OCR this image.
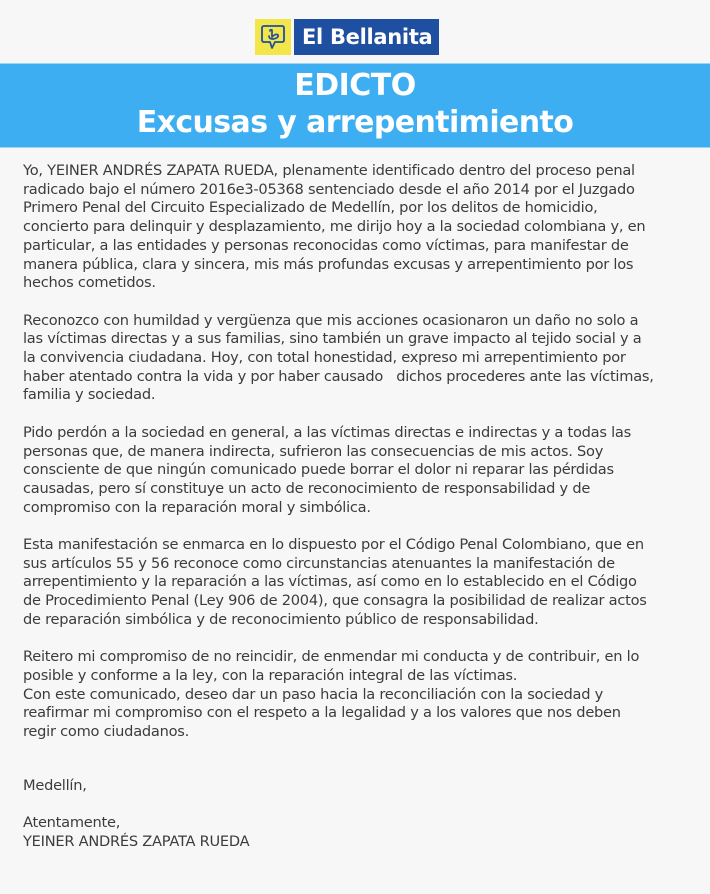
El Bellanita
EDICTO
Excusas y arrepentimiento
Yo, YEINER ANDRÉS ZAPATA RUEDA, plenamente identificado dentro del proceso penal
radicado bajo el número 2016e3-05368 sentenciado desde el año 2014 por el Juzgado
Primero Penal del Circuito Especializado de Medellín, por los delitos de homicidio,
concierto para delinquir y desplazamiento, me dirijo hoy a la sociedad colombiana y, en
particular, a las entidades y personas reconocidas como víctimas, para manifestar de
manera pública, clara y sincera, mis más profundas excusas y arrepentimiento por los
hechos cometidos.
Reconozco con humildad y vergüenza que mis acciones ocasionaron un daño no solo a
las víctimas directas y a sus familias, sino también un grave impacto al tejido social y a
la convivencia ciudadana. Hoy, con total honestidad, expreso mi arrepentimiento por
haber atentado contra la vida y por haber causado   dichos procederes ante las víctimas,
familia y sociedad.
Pido perdón a la sociedad en general, a las víctimas directas e indirectas y a todas las
personas que, de manera indirecta, sufrieron las consecuencias de mis actos. Soy
consciente de que ningún comunicado puede borrar el dolor ni reparar las pérdidas
causadas, pero sí constituye un acto de reconocimiento de responsabilidad y de
compromiso con la reparación moral y simbólica.
Esta manifestación se enmarca en lo dispuesto por el Código Penal Colombiano, que en
sus artículos 55 y 56 reconoce como circunstancias atenuantes la manifestación de
arrepentimiento y la reparación a las víctimas, así como en lo establecido en el Código
de Procedimiento Penal (Ley 906 de 2004), que consagra la posibilidad de realizar actos
de reparación simbólica y de reconocimiento público de responsabilidad.
Reitero mi compromiso de no reincidir, de enmendar mi conducta y de contribuir, en lo
posible y conforme a la ley, con la reparación integral de las víctimas.
Con este comunicado, deseo dar un paso hacia la reconciliación con la sociedad y
reafirmar mi compromiso con el respeto a la legalidad y a los valores que nos deben
regir como ciudadanos.
Medellín,
Atentamente,
YEINER ANDRÉS ZAPATA RUEDA
